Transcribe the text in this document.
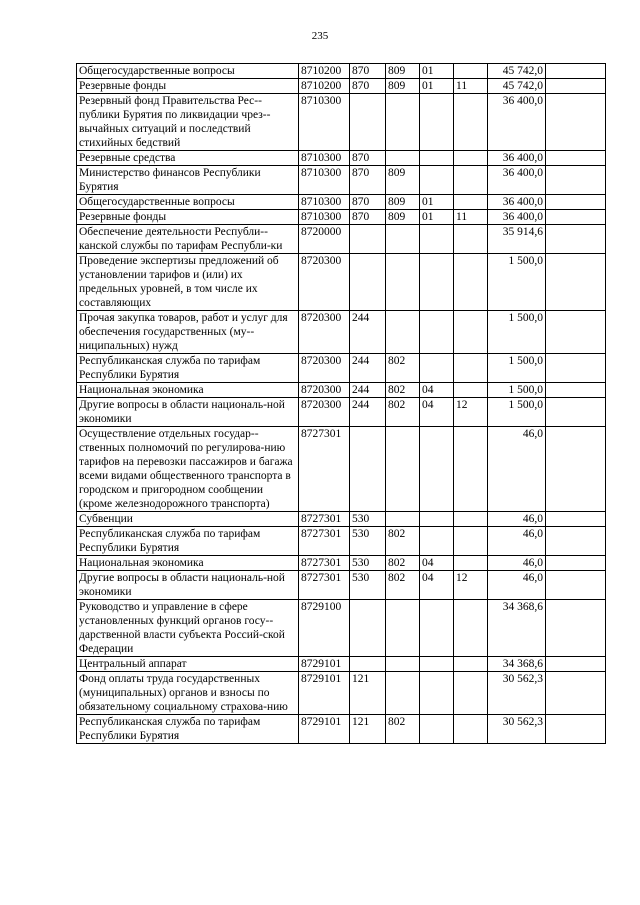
235
Общегосударственные вопросы	8710200	870	809	01		45 742,0	
Резервные фонды	8710200	870	809	01	11	45 742,0	
Резервный фонд Правительства Рес-публики Бурятия по ликвидации чрез-вычайных ситуаций и последствий стихийных бедствий	8710300					36 400,0	
Резервные средства	8710300	870				36 400,0	
Министерство финансов Республики Бурятия	8710300	870	809			36 400,0	
Общегосударственные вопросы	8710300	870	809	01		36 400,0	
Резервные фонды	8710300	870	809	01	11	36 400,0	
Обеспечение деятельности Республи-канской службы по тарифам Республи-ки	8720000					35 914,6	
Проведение экспертизы предложений об установлении тарифов и (или) их предельных уровней, в том числе их составляющих	8720300					1 500,0	
Прочая закупка товаров, работ и услуг для обеспечения государственных (му-ниципальных) нужд	8720300	244				1 500,0	
Республиканская служба по тарифам Республики Бурятия	8720300	244	802			1 500,0	
Национальная экономика	8720300	244	802	04		1 500,0	
Другие вопросы в области националь-ной экономики	8720300	244	802	04	12	1 500,0	
Осуществление отдельных государ-ственных полномочий по регулирова-нию тарифов на перевозки пассажиров и багажа всеми видами общественного транспорта в городском и пригородном сообщении (кроме железнодорожного транспорта)	8727301					46,0	
Субвенции	8727301	530				46,0	
Республиканская служба по тарифам Республики Бурятия	8727301	530	802			46,0	
Национальная экономика	8727301	530	802	04		46,0	
Другие вопросы в области националь-ной экономики	8727301	530	802	04	12	46,0	
Руководство и управление в сфере установленных функций органов госу-дарственной власти субъекта Россий-ской Федерации	8729100					34 368,6	
Центральный аппарат	8729101					34 368,6	
Фонд оплаты труда государственных (муниципальных) органов и взносы по обязательному социальному страхова-нию	8729101	121				30 562,3	
Республиканская служба по тарифам Республики Бурятия	8729101	121	802			30 562,3	
